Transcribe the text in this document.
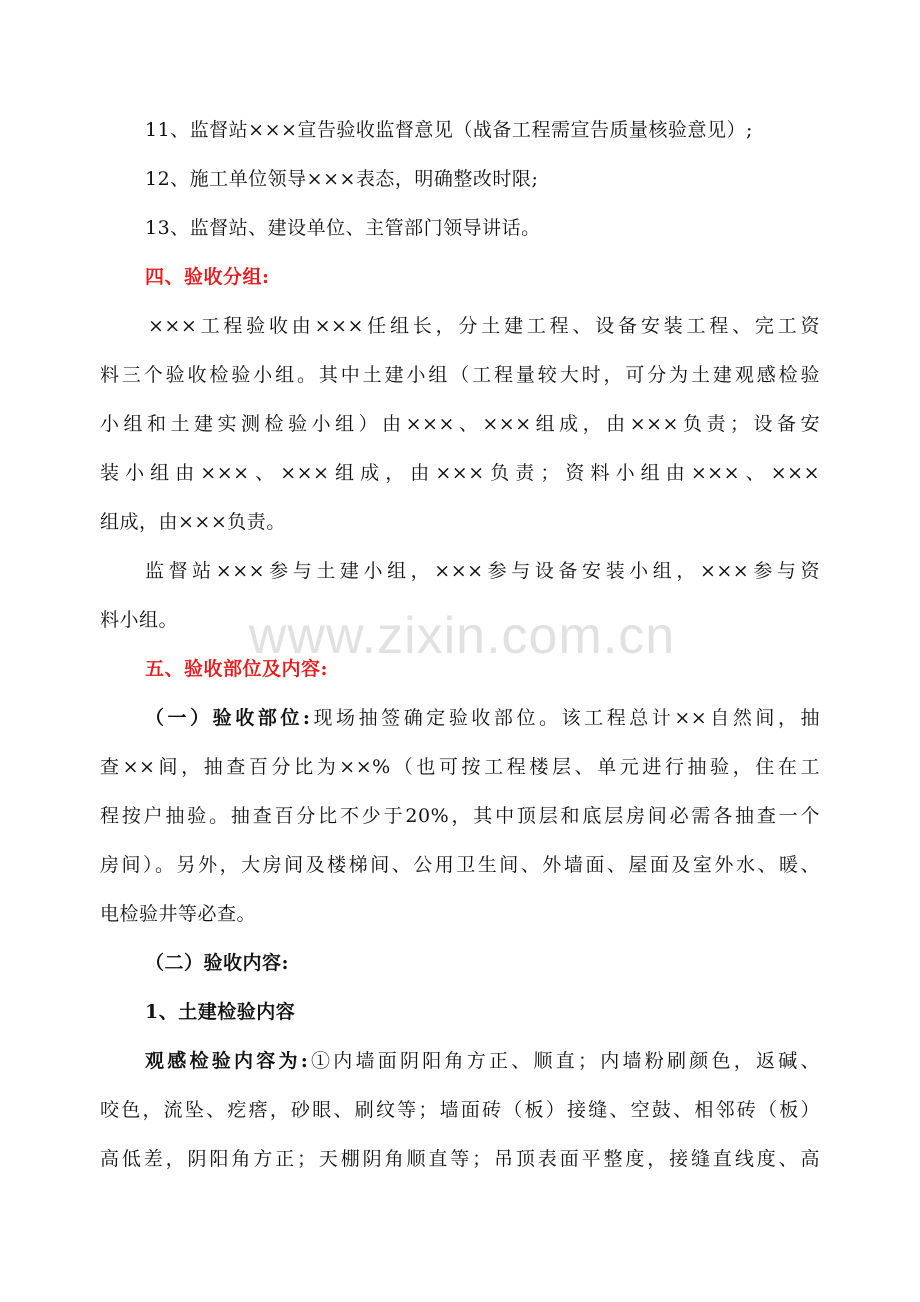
11、监督站×××宣告验收监督意见（战备工程需宣告质量核验意见）;
12、施工单位领导×××表态，明确整改时限;
13、监督站、建设单位、主管部门领导讲话。
四、验收分组:
×××工程验收由×××任组长，分土建工程、设备安装工程、完工资
料三个验收检验小组。其中土建小组（工程量较大时，可分为土建观感检验
小组和土建实测检验小组）由×××、×××组成，由×××负责；设备安
装小组由×××、×××组成，由×××负责；资料小组由×××、×××
组成，由×××负责。
监督站×××参与土建小组，×××参与设备安装小组，×××参与资
料小组。
五、验收部位及内容:
（一）验收部位:现场抽签确定验收部位。该工程总计××自然间，抽
查××间，抽查百分比为××%（也可按工程楼层、单元进行抽验，住在工
程按户抽验。抽查百分比不少于20%，其中顶层和底层房间必需各抽查一个
房间）。另外，大房间及楼梯间、公用卫生间、外墙面、屋面及室外水、暖、
电检验井等必查。
（二）验收内容:
1、土建检验内容
观感检验内容为:①内墙面阴阳角方正、顺直；内墙粉刷颜色，返碱、
咬色，流坠、疙瘩，砂眼、刷纹等；墙面砖（板）接缝、空鼓、相邻砖（板）
高低差，阴阳角方正；天棚阴角顺直等；吊顶表面平整度，接缝直线度、高
www.zixin.com.cn
